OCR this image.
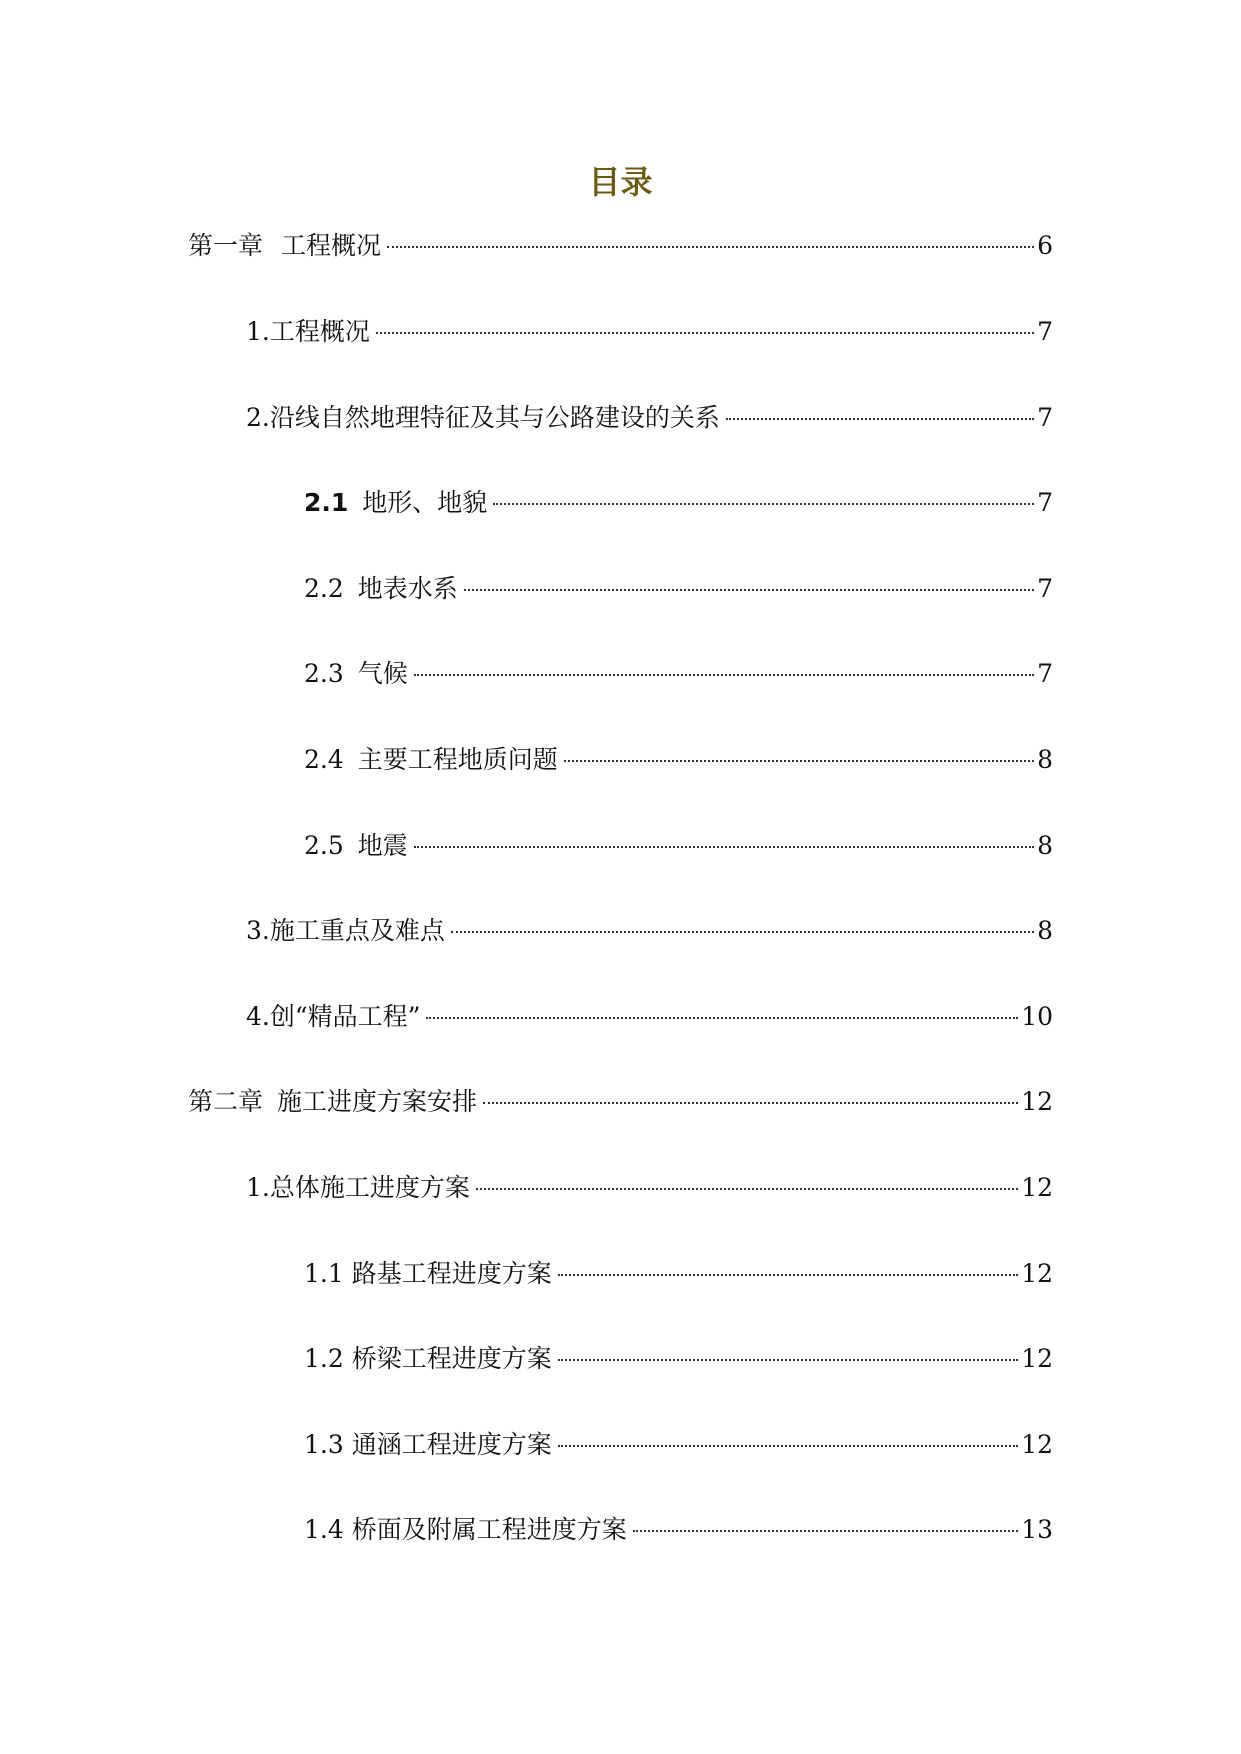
目录
第一章 工程概况	6
1.工程概况	7
2.沿线自然地理特征及其与公路建设的关系	7
2.1 地形、地貌	7
2.2 地表水系	7
2.3 气候	7
2.4 主要工程地质问题	8
2.5 地震	8
3.施工重点及难点	8
4.创“精品工程”	10
第二章 施工进度方案安排	12
1.总体施工进度方案	12
1.1 路基工程进度方案	12
1.2 桥梁工程进度方案	12
1.3 通涵工程进度方案	12
1.4 桥面及附属工程进度方案	13
